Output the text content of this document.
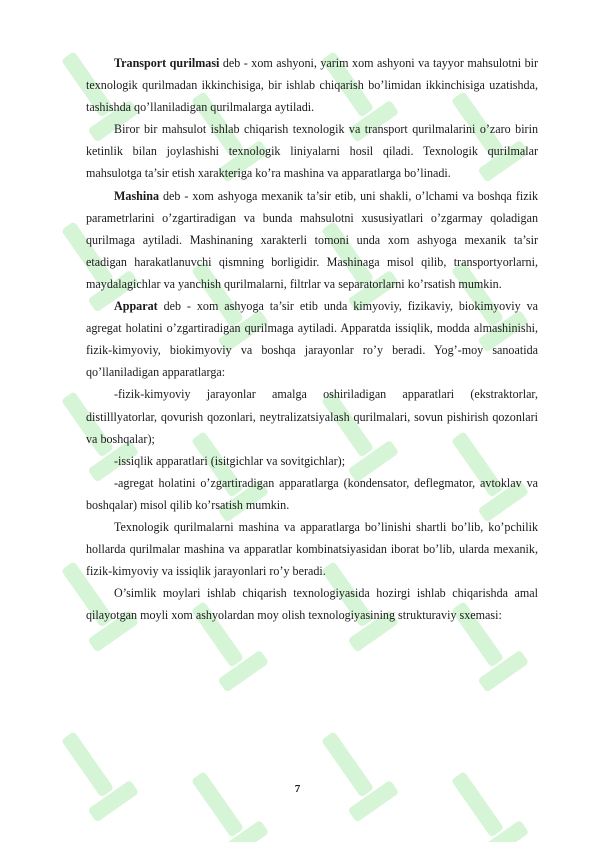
Transport qurilmasi deb - xom ashyoni, yarim xom ashyoni va tayyor mahsulotni bir texnologik qurilmadan ikkinchisiga, bir ishlab chiqarish bo’limidan ikkinchisiga uzatishda, tashishda qo’llaniladigan qurilmalarga aytiladi.

Biror bir mahsulot ishlab chiqarish texnologik va transport qurilmalarini o’zaro birin ketinlik bilan joylashishi texnologik liniyalarni hosil qiladi. Texnologik qurilmalar mahsulotga ta’sir etish xarakteriga ko’ra mashina va apparatlarga bo’linadi.

Mashina deb - xom ashyoga mexanik ta’sir etib, uni shakli, o’lchami va boshqa fizik parametrlarini o’zgartiradigan va bunda mahsulotni xususiyatlari o’zgarmay qoladigan qurilmaga aytiladi. Mashinaning xarakterli tomoni unda xom ashyoga mexanik ta’sir etadigan harakatlanuvchi qismning borligidir. Mashinaga misol qilib, transportyorlarni, maydalagichlar va yanchish qurilmalarni, filtrlar va separatorlarni ko’rsatish mumkin.

Apparat deb - xom ashyoga ta’sir etib unda kimyoviy, fizikaviy, biokimyoviy va agregat holatini o’zgartiradigan qurilmaga aytiladi. Apparatda issiqlik, modda almashinishi, fizik-kimyoviy, biokimyoviy va boshqa jarayonlar ro’y beradi. Yog’-moy sanoatida qo’llaniladigan apparatlarga:

-fizik-kimyoviy jarayonlar amalga oshiriladigan apparatlari (ekstraktorlar, distilllyatorlar, qovurish qozonlari, neytralizatsiyalash qurilmalari, sovun pishirish qozonlari va boshqalar);

-issiqlik apparatlari (isitgichlar va sovitgichlar);

-agregat holatini o’zgartiradigan apparatlarga (kondensator, deflegmator, avtoklav va boshqalar) misol qilib ko’rsatish mumkin.

Texnologik qurilmalarni mashina va apparatlarga bo’linishi shartli bo’lib, ko’pchilik hollarda qurilmalar mashina va apparatlar kombinatsiyasidan iborat bo’lib, ularda mexanik, fizik-kimyoviy va issiqlik jarayonlari ro’y beradi.

O’simlik moylari ishlab chiqarish texnologiyasida hozirgi ishlab chiqarishda amal qilayotgan moyli xom ashyolardan moy olish texnologiyasining strukturaviy sxemasi:

7
